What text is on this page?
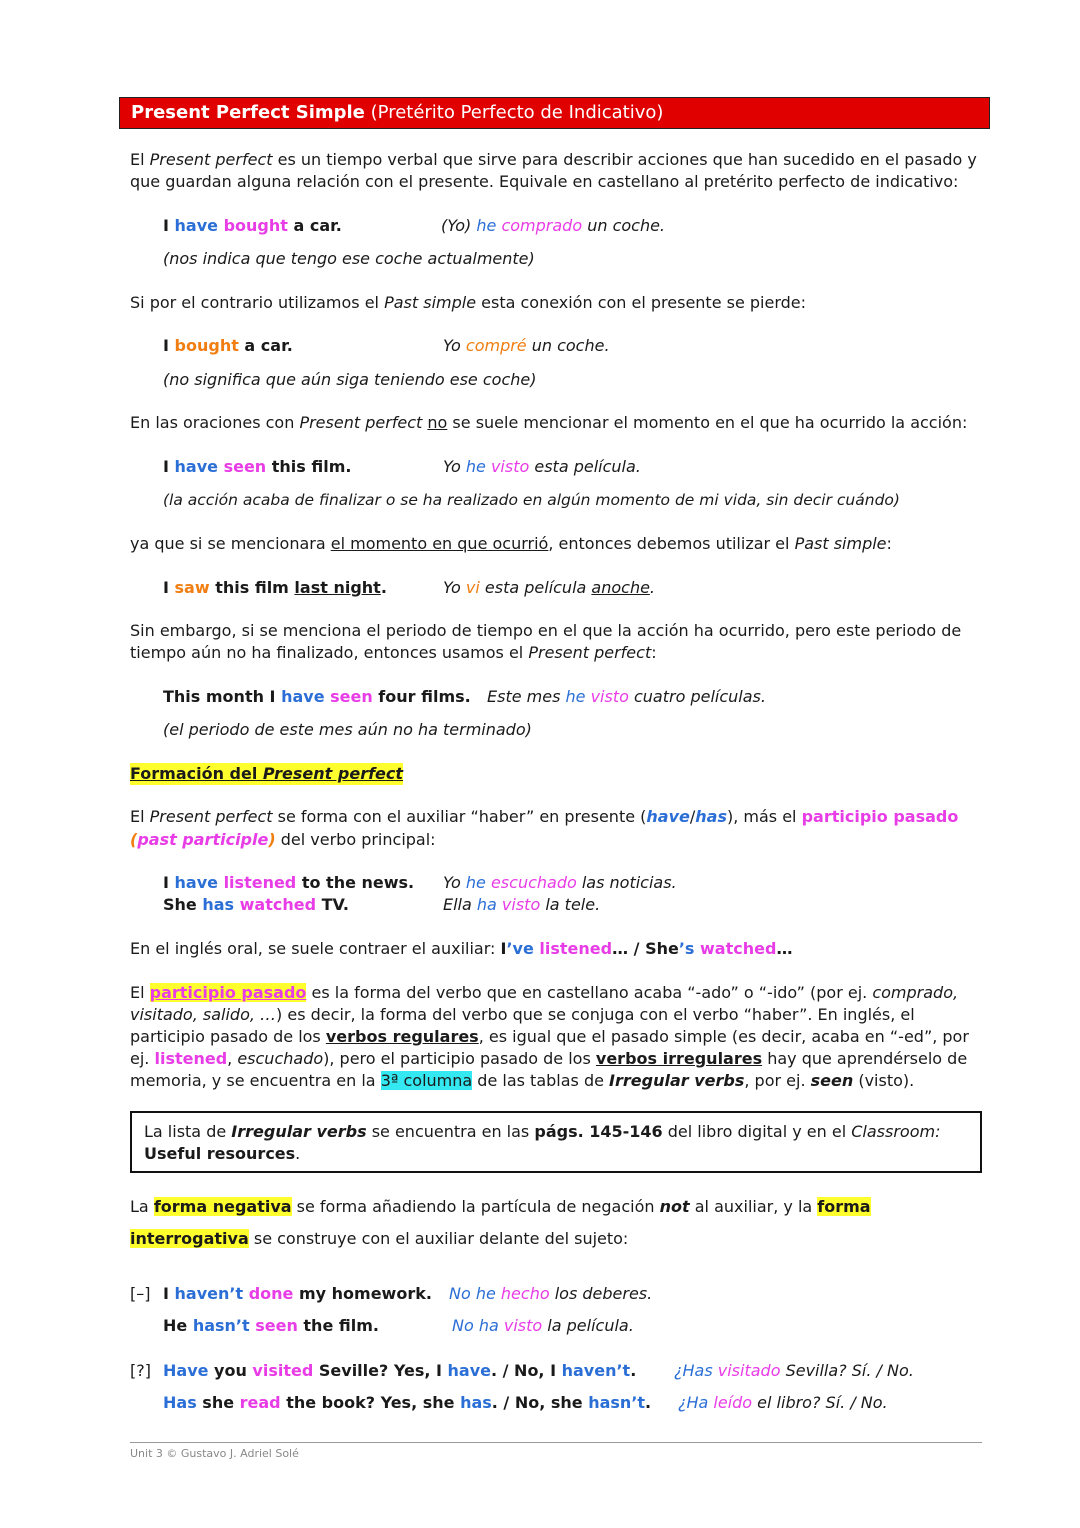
Present Perfect Simple (Pretérito Perfecto de Indicativo)
El Present perfect es un tiempo verbal que sirve para describir acciones que han sucedido en el pasado y
que guardan alguna relación con el presente. Equivale en castellano al pretérito perfecto de indicativo:
I have bought a car.	(Yo) he comprado un coche.
(nos indica que tengo ese coche actualmente)
Si por el contrario utilizamos el Past simple esta conexión con el presente se pierde:
I bought a car.	Yo compré un coche.
(no significa que aún siga teniendo ese coche)
En las oraciones con Present perfect no se suele mencionar el momento en el que ha ocurrido la acción:
I have seen this film.	Yo he visto esta película.
(la acción acaba de finalizar o se ha realizado en algún momento de mi vida, sin decir cuándo)
ya que si se mencionara el momento en que ocurrió, entonces debemos utilizar el Past simple:
I saw this film last night.	Yo vi esta película anoche.
Sin embargo, si se menciona el periodo de tiempo en el que la acción ha ocurrido, pero este periodo de
tiempo aún no ha finalizado, entonces usamos el Present perfect:
This month I have seen four films. Este mes he visto cuatro películas.
(el periodo de este mes aún no ha terminado)
Formación del Present perfect
El Present perfect se forma con el auxiliar “haber” en presente (have/has), más el participio pasado
(past participle) del verbo principal:
I have listened to the news. Yo he escuchado las noticias.
She has watched TV.	Ella ha visto la tele.
En el inglés oral, se suele contraer el auxiliar: I’ve listened… / She’s watched…
El participio pasado es la forma del verbo que en castellano acaba “-ado” o “-ido” (por ej. comprado,
visitado, salido, …) es decir, la forma del verbo que se conjuga con el verbo “haber”. En inglés, el
participio pasado de los verbos regulares, es igual que el pasado simple (es decir, acaba en “-ed”, por
ej. listened, escuchado), pero el participio pasado de los verbos irregulares hay que aprendérselo de
memoria, y se encuentra en la 3ª columna de las tablas de Irregular verbs, por ej. seen (visto).
La lista de Irregular verbs se encuentra en las págs. 145-146 del libro digital y en el Classroom:
Useful resources.
La forma negativa se forma añadiendo la partícula de negación not al auxiliar, y la forma
interrogativa se construye con el auxiliar delante del sujeto:
[–] I haven’t done my homework. No he hecho los deberes.
He hasn’t seen the film.	No ha visto la película.
[?] Have you visited Seville? Yes, I have. / No, I haven’t. ¿Has visitado Sevilla? Sí. / No.
Has she read the book? Yes, she has. / No, she hasn’t. ¿Ha leído el libro? Sí. / No.
Unit 3 © Gustavo J. Adriel Solé
